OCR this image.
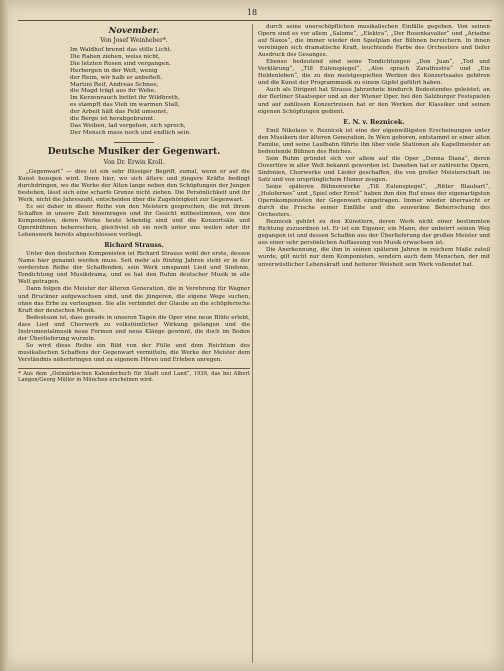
18
November.
Von Josef Weinheber*.
Im Waldhof brennt das stille Licht.
Die Raben ziehen, weiss nicht,
Die letzten Rosen sind vergangen.
Herbergen in der Welt, wenig
der Reim, wir halb er anbefielt.
Martini Reif, Andreas Schnee,
die Magd trägt aus ihr Wehe.
Im Kerzenrauch bettet ihr Wildbreth,
es stampft das Vieh im warmen Stall,
der Arbeit hält das Feld umsonst,
die Berge ist herabgebrannt.
Das Weiben, lad vergehen, sich sprech,
Der Mensch muss noch und endlich sein.
Deutsche Musiker der Gegenwart.
Von Dr. Erwin Kroll.

„Gegenwart“ — dies ist ein sehr flüssiger Begriff, zumal, wenn er auf die Kunst bezogen wird. Denn hier, wo sich ältere und jüngere Kräfte bedingt durchdringen, wo die Werke der Alten lange neben den Schöpfungen der Jungen bestehen, lässt sich eine scharfe Grenze nicht ziehen. Die Persönlichkeit und ihr Werk, nicht die Jahreszahl, entscheiden über die Zugehörigkeit zur Gegenwart.

Es sei daher in dieser Reihe von den Meistern gesprochen, die mit ihrem Schaffen in unsere Zeit hineinragen und ihr Gesicht mitbestimmen, von den Komponisten, deren Werke heute lebendig sind und die Konzertsäle und Opernbühnen beherrschen, gleichviel ob sie noch unter uns weilen oder ihr Lebenswerk bereits abgeschlossen vorliegt.

Richard Strauss.

Unter den deutschen Komponisten ist Richard Strauss wohl der erste, dessen Name hier genannt werden muss. Seit mehr als fünfzig Jahren steht er in der vordersten Reihe der Schaffenden; sein Werk umspannt Lied und Sinfonie, Tondichtung und Musikdrama, und es hat den Ruhm deutscher Musik in alle Welt getragen.

Dann folgen die Meister der älteren Generation, die in Verehrung für Wagner und Bruckner aufgewachsen sind, und die jüngeren, die eigene Wege suchen, ohne das Erbe zu verleugnen. Sie alle verbindet der Glaube an die schöpferische Kraft der deutschen Musik.

Bedeutsam ist, dass gerade in unseren Tagen die Oper eine neue Blüte erlebt, dass Lied und Chorwerk zu volkstümlicher Wirkung gelangen und die Instrumentalmusik neue Formen und neue Klänge gewinnt, die doch im Boden der Überlieferung wurzeln.

So wird diese Reihe ein Bild von der Fülle und dem Reichtum des musikalischen Schaffens der Gegenwart vermitteln, die Werke der Meister dem Verständnis näherbringen und zu eigenem Hören und Erleben anregen.

* Aus dem „Ostmärkischen Kalenderbuch für Stadt und Land“, 1939, das bei Albert Langen/Georg Müller in München erscheinen wird.

durch seine unerschöpflichen musikalischen Einfälle gegeben. Von seinen Opern sind es vor allem „Salome“, „Elektra“, „Der Rosenkavalier“ und „Ariadne auf Naxos“, die immer wieder den Spielplan der Bühnen bereichern. In ihnen vereinigen sich dramatische Kraft, leuchtende Farbe des Orchesters und tiefer Ausdruck des Gesanges.

Ebenso bedeutend sind seine Tondichtungen „Don Juan“, „Tod und Verklärung“, „Till Eulenspiegel“, „Also sprach Zarathustra“ und „Ein Heldenleben“, die zu den meistgespielten Werken des Konzertsaales gehören und die Kunst der Programmusik zu einem Gipfel geführt haben.

Auch als Dirigent hat Strauss Jahrzehnte hindurch Bedeutendes geleistet; an der Berliner Staatsoper und an der Wiener Oper, bei den Salzburger Festspielen und auf zahllosen Konzertreisen hat er den Werken der Klassiker und seinen eigenen Schöpfungen gedient.

E. N. v. Reznicek.

Emil Nikolaus v. Reznicek ist eine der eigenwilligsten Erscheinungen unter den Musikern der älteren Generation. In Wien geboren, entstammt er einer alten Familie, und seine Laufbahn führte ihn über viele Stationen als Kapellmeister an bedeutende Bühnen des Reiches.

Sein Ruhm gründet sich vor allem auf die Oper „Donna Diana“, deren Ouvertüre in aller Welt bekannt geworden ist. Daneben hat er zahlreiche Opern, Sinfonien, Chorwerke und Lieder geschaffen, die von großer Meisterschaft im Satz und von ursprünglichem Humor zeugen.

Seine späteren Bühnenwerke „Till Eulenspiegel“, „Ritter Blaubart“, „Holofernes“ und „Spiel oder Ernst“ haben ihm den Ruf eines der eigenartigsten Opernkomponisten der Gegenwart eingetragen. Immer wieder überrascht er durch die Frische seiner Einfälle und die souveräne Beherrschung des Orchesters.

Reznicek gehört zu den Künstlern, deren Werk nicht einer bestimmten Richtung zuzuordnen ist. Er ist ein Eigener, ein Mann, der unbeirrt seinen Weg gegangen ist und dessen Schaffen aus der Überlieferung der großen Meister und aus einer sehr persönlichen Auffassung von Musik erwachsen ist.

Die Anerkennung, die ihm in seinen späteren Jahren in reichem Maße zuteil wurde, gilt nicht nur dem Komponisten, sondern auch dem Menschen, der mit unverwüstlicher Lebenskraft und heiterer Weisheit sein Werk vollendet hat.
